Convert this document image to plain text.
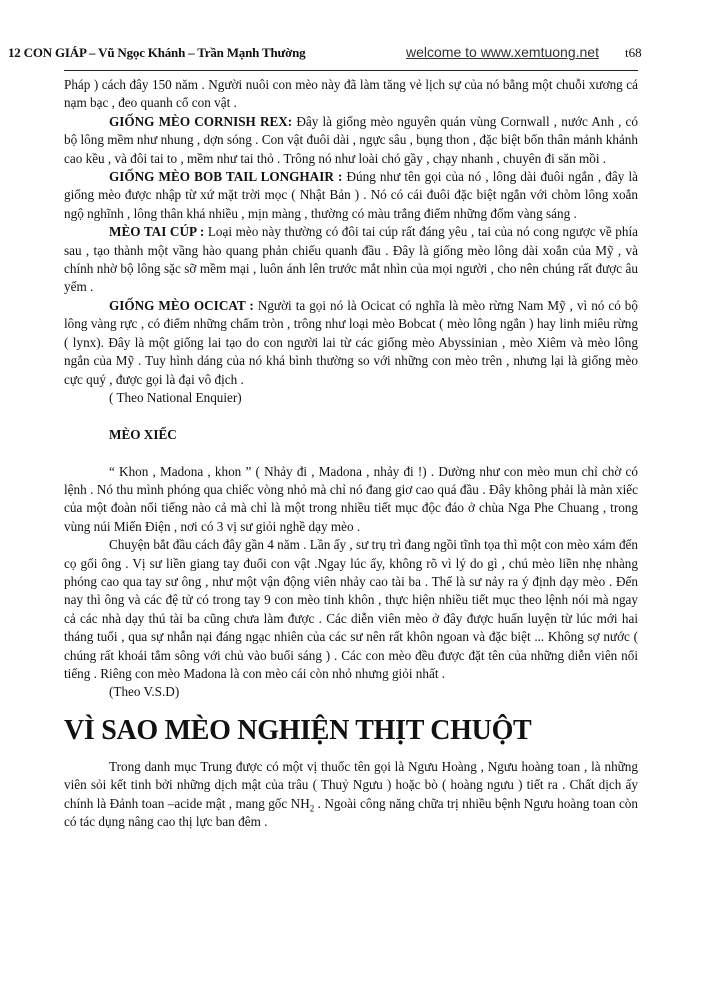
12 CON GIÁP – Vũ Ngọc Khánh – Trần Mạnh Thường	welcome to www.xemtuong.net t68

Pháp ) cách đây 150 năm . Người nuôi con mèo này đã làm tăng vẻ lịch sự của nó bằng một chuỗi xương cá nạm bạc , đeo quanh cổ con vật .

GIỐNG MÈO CORNISH REX: Đây là giống mèo nguyên quán vùng Cornwall , nước Anh , có bộ lông mềm như nhung , dợn sóng . Con vật đuôi dài , ngực sâu , bụng thon , đặc biệt bốn thân mảnh khảnh cao kều , và đôi tai to , mềm như tai thỏ . Trông nó như loài chó gầy , chạy nhanh , chuyên đi săn mồi .

GIỐNG MÈO BOB TAIL LONGHAIR : Đúng như tên gọi của nó , lông dài đuôi ngắn , đây là giống mèo được nhập từ xứ mặt trời mọc ( Nhật Bản ) . Nó có cái đuôi đặc biệt ngắn với chòm lông xoắn ngộ nghĩnh , lông thân khá nhiều , mịn màng , thường có màu trắng điểm những đốm vàng sáng .

MÈO TAI CÚP : Loại mèo này thường có đôi tai cúp rất đáng yêu , tai của nó cong ngược về phía sau , tạo thành một vầng hào quang phản chiếu quanh đầu . Đây là giống mèo lông dài xoắn của Mỹ , và chính nhờ bộ lông sặc sỡ mềm mại , luôn ánh lên trước mắt nhìn của mọi người , cho nên chúng rất được âu yếm .

GIỐNG MÈO OCICAT : Người ta gọi nó là Ocicat có nghĩa là mèo rừng Nam Mỹ , vì nó có bộ lông vàng rực , có điểm những chấm tròn , trông như loại mèo Bobcat ( mèo lông ngắn ) hay linh miêu rừng ( lynx). Đây là một giống lai tạo do con người lai từ các giống mèo Abyssinian , mèo Xiêm và mèo lông ngắn của Mỹ . Tuy hình dáng của nó khá bình thường so với những con mèo trên , nhưng lại là giống mèo cực quý , được gọi là đại vô địch .

( Theo National Enquier)

MÈO XIẾC

“ Khon , Madona , khon ” ( Nhảy đi , Madona , nhảy đi !) . Dường như con mèo mun chỉ chờ có lệnh . Nó thu mình phóng qua chiếc vòng nhỏ mà chỉ nó đang giơ cao quá đầu . Đây không phải là màn xiếc của một đoàn nổi tiếng nào cả mà chỉ là một trong nhiều tiết mục độc đáo ở chùa Nga Phe Chuang , trong vùng núi Miến Điện , nơi có 3 vị sư giỏi nghề dạy mèo .

Chuyện bắt đầu cách đây gần 4 năm . Lần ấy , sư trụ trì đang ngồi tĩnh tọa thì một con mèo xám đến cọ gối ông . Vị sư liền giang tay đuổi con vật .Ngay lúc ấy, không rõ vì lý do gì , chú mèo liền nhẹ nhàng phóng cao qua tay sư ông , như một vận động viên nhảy cao tài ba . Thế là sư nảy ra ý định dạy mèo . Đến nay thì ông và các đệ tử có trong tay 9 con mèo tinh khôn , thực hiện nhiều tiết mục theo lệnh nói mà ngay cả các nhà dạy thú tài ba cũng chưa làm được . Các diễn viên mèo ở đây được huấn luyện từ lúc mới hai tháng tuổi , qua sự nhẫn nại đáng ngạc nhiên của các sư nên rất khôn ngoan và đặc biệt ... Không sợ nước ( chúng rất khoái tắm sông với chủ vào buổi sáng ) . Các con mèo đều được đặt tên của những diễn viên nổi tiếng . Riêng con mèo Madona là con mèo cái còn nhỏ nhưng giỏi nhất .

(Theo V.S.D)

VÌ SAO MÈO NGHIỆN THỊT CHUỘT

Trong danh mục Trung được có một vị thuốc tên gọi là Ngưu Hoàng , Ngưu hoàng toan , là những viên sỏi kết tinh bởi những dịch mật của trâu ( Thuỷ Ngưu ) hoặc bò ( hoàng ngưu ) tiết ra . Chất dịch ấy chính là Đảnh toan –acide mật , mang gốc $NH_2$ . Ngoài công năng chữa trị nhiều bệnh Ngưu hoàng toan còn có tác dụng nâng cao thị lực ban đêm .
